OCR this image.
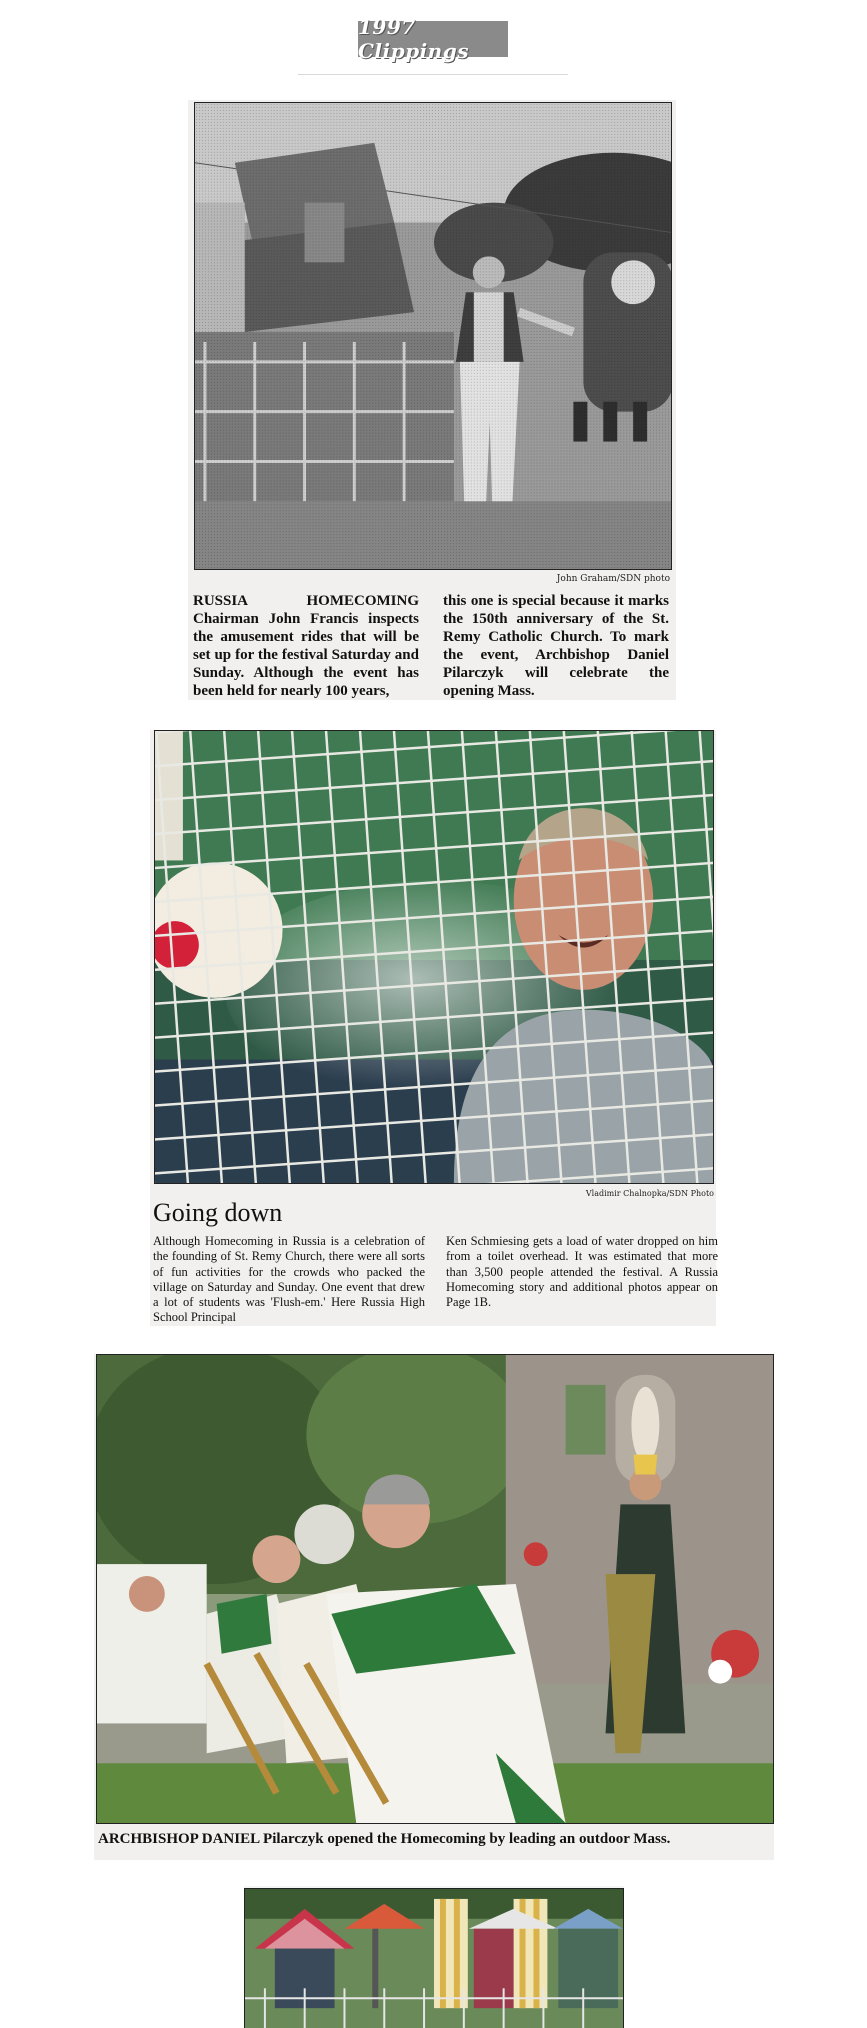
1997 Clippings
John Graham/SDN photo
RUSSIA HOMECOMING Chairman John Francis inspects the amusement rides that will be set up for the festival Saturday and Sunday. Although the event has been held for nearly 100 years,
this one is special because it marks the 150th anniversary of the St. Remy Catholic Church. To mark the event, Archbishop Daniel Pilarczyk will celebrate the opening Mass.
Vladimir Chalnopka/SDN Photo
Going down
Although Homecoming in Russia is a celebration of the founding of St. Remy Church, there were all sorts of fun activities for the crowds who packed the village on Saturday and Sunday. One event that drew a lot of students was 'Flush-em.' Here Russia High School Principal
Ken Schmiesing gets a load of water dropped on him from a toilet overhead. It was estimated that more than 3,500 people attended the festival. A Russia Homecoming story and additional photos appear on Page 1B.
ARCHBISHOP DANIEL Pilarczyk opened the Homecoming by leading an outdoor Mass.
